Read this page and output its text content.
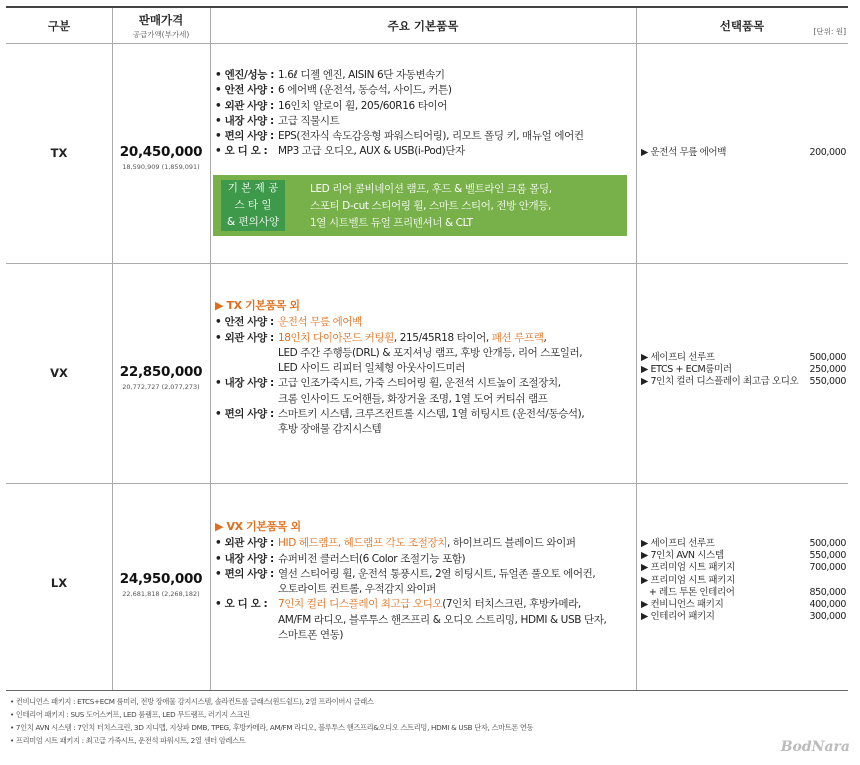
구분	판매가격
공급가액(부가세)
주요 기본품목	선택품목	[단위: 원]
TX	20,450,000
18,590,909 (1,859,091)
• 엔진/성능 : 1.6ℓ 디젤 엔진, AISIN 6단 자동변속기
• 안전 사양 : 6 에어백 (운전석, 동승석, 사이드, 커튼)
• 외관 사양 : 16인치 알로이 휠, 205/60R16 타이어
• 내장 사양 : 고급 직물시트
• 편의 사양 : EPS(전자식 속도감응형 파워스티어링), 리모트 폴딩 키, 매뉴얼 에어컨
• 오 디 오 :	MP3 고급 오디오, AUX & USB(i-Pod)단자
기 본 제 공
스 타 일
& 편의사양
LED 리어 콤비네이션 램프, 후드 & 벨트라인 크롬 몰딩,
스포티 D-cut 스티어링 휠, 스마트 스티어, 전방 안개등,
1열 시트벨트 듀얼 프리텐셔너 & CLT
▶ 운전석 무릎 에어백	200,000
VX	22,850,000
20,772,727 (2,077,273)
▶ TX 기본품목 외
• 안전 사양 : 운전석 무릎 에어백
• 외관 사양 : 18인치 다이아몬드 커팅휠, 215/45R18 타이어, 패션 루프랙,
LED 주간 주행등(DRL) & 포지셔닝 램프, 후방 안개등, 리어 스포일러,
LED 사이드 리피터 일체형 아웃사이드미러
• 내장 사양 : 고급 인조가죽시트, 가죽 스티어링 휠, 운전석 시트높이 조절장치,
크롬 인사이드 도어핸들, 화장거울 조명, 1열 도어 커티쉬 램프
• 편의 사양 : 스마트키 시스템, 크루즈컨트롤 시스템, 1열 히팅시트 (운전석/동승석),
후방 장애물 감지시스템
▶ 세이프티 선루프	500,000
▶ ETCS + ECM룸미러	250,000
▶ 7인치 컬러 디스플레이 최고급 오디오 550,000
LX	24,950,000
22,681,818 (2,268,182)
▶ VX 기본품목 외
• 외관 사양 : HID 헤드램프, 헤드램프 각도 조절장치, 하이브리드 블레이드 와이퍼
• 내장 사양 : 슈퍼비전 클러스터(6 Color 조절기능 포함)
• 편의 사양 : 열선 스티어링 휠, 운전석 통풍시트, 2열 히팅시트, 듀얼존 풀오토 에어컨,
오토라이트 컨트롤, 우적감지 와이퍼
• 오 디 오 :	7인치 컬러 디스플레이 최고급 오디오(7인치 터치스크린, 후방카메라,
AM/FM 라디오, 블루투스 핸즈프리 & 오디오 스트리밍, HDMI & USB 단자,
스마트폰 연동)
▶ 세이프티 선루프	500,000
▶ 7인치 AVN 시스템	550,000
▶ 프리미엄 시트 패키지	700,000
▶ 프리미엄 시트 패키지
+ 레드 투톤 인테리어	850,000
▶ 컨비니언스 패키지	400,000
▶ 인테리어 패키지	300,000
• 컨비니언스 패키지 : ETCS+ECM 룸미러, 전방 장애물 감지시스템, 솔라컨트롤 글래스(윈드쉴드), 2열 프라이버시 글래스
• 인테리어 패키지 : SUS 도어스커프, LED 룸램프, LED 무드램프, 러기지 스크린
• 7인치 AVN 시스템 : 7인치 터치스크린, 3D 지니맵, 지상파 DMB, TPEG, 후방카메라, AM/FM 라디오, 블루투스 핸즈프리&오디오 스트리밍, HDMI & USB 단자, 스마트폰 연동
• 프리미엄 시트 패키지 : 최고급 가죽시트, 운전석 파워시트, 2열 센터 암레스트	BodNara
